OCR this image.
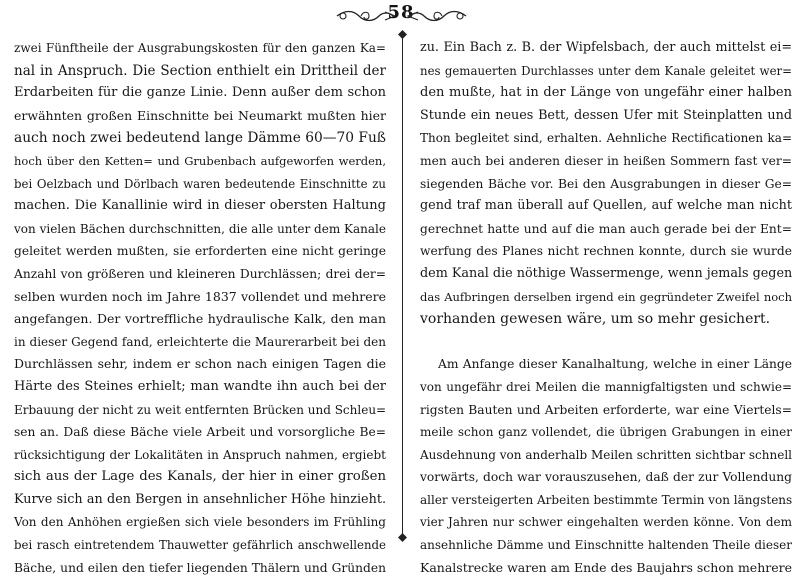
58
zwei Fünftheile der Ausgrabungskosten für den ganzen Ka=
nal in Anspruch. Die Section enthielt ein Drittheil der
Erdarbeiten für die ganze Linie. Denn außer dem schon
erwähnten großen Einschnitte bei Neumarkt mußten hier
auch noch zwei bedeutend lange Dämme 60—70 Fuß
hoch über den Ketten= und Grubenbach aufgeworfen werden,
bei Oelzbach und Dörlbach waren bedeutende Einschnitte zu
machen. Die Kanallinie wird in dieser obersten Haltung
von vielen Bächen durchschnitten, die alle unter dem Kanale
geleitet werden mußten, sie erforderten eine nicht geringe
Anzahl von größeren und kleineren Durchlässen; drei der=
selben wurden noch im Jahre 1837 vollendet und mehrere
angefangen. Der vortreffliche hydraulische Kalk, den man
in dieser Gegend fand, erleichterte die Maurerarbeit bei den
Durchlässen sehr, indem er schon nach einigen Tagen die
Härte des Steines erhielt; man wandte ihn auch bei der
Erbauung der nicht zu weit entfernten Brücken und Schleu=
sen an. Daß diese Bäche viele Arbeit und vorsorgliche Be=
rücksichtigung der Lokalitäten in Anspruch nahmen, ergiebt
sich aus der Lage des Kanals, der hier in einer großen
Kurve sich an den Bergen in ansehnlicher Höhe hinzieht.
Von den Anhöhen ergießen sich viele besonders im Frühling
bei rasch eintretendem Thauwetter gefährlich anschwellende
Bäche, und eilen den tiefer liegenden Thälern und Gründen
zu. Ein Bach z. B. der Wipfelsbach, der auch mittelst ei=
nes gemauerten Durchlasses unter dem Kanale geleitet wer=
den mußte, hat in der Länge von ungefähr einer halben
Stunde ein neues Bett, dessen Ufer mit Steinplatten und
Thon begleitet sind, erhalten. Aehnliche Rectificationen ka=
men auch bei anderen dieser in heißen Sommern fast ver=
siegenden Bäche vor. Bei den Ausgrabungen in dieser Ge=
gend traf man überall auf Quellen, auf welche man nicht
gerechnet hatte und auf die man auch gerade bei der Ent=
werfung des Planes nicht rechnen konnte, durch sie wurde
dem Kanal die nöthige Wassermenge, wenn jemals gegen
das Aufbringen derselben irgend ein gegründeter Zweifel noch
vorhanden gewesen wäre, um so mehr gesichert.
Am Anfange dieser Kanalhaltung, welche in einer Länge
von ungefähr drei Meilen die mannigfaltigsten und schwie=
rigsten Bauten und Arbeiten erforderte, war eine Viertels=
meile schon ganz vollendet, die übrigen Grabungen in einer
Ausdehnung von anderhalb Meilen schritten sichtbar schnell
vorwärts, doch war vorauszusehen, daß der zur Vollendung
aller versteigerten Arbeiten bestimmte Termin von längstens
vier Jahren nur schwer eingehalten werden könne. Von dem
ansehnliche Dämme und Einschnitte haltenden Theile dieser
Kanalstrecke waren am Ende des Baujahrs schon mehrere
